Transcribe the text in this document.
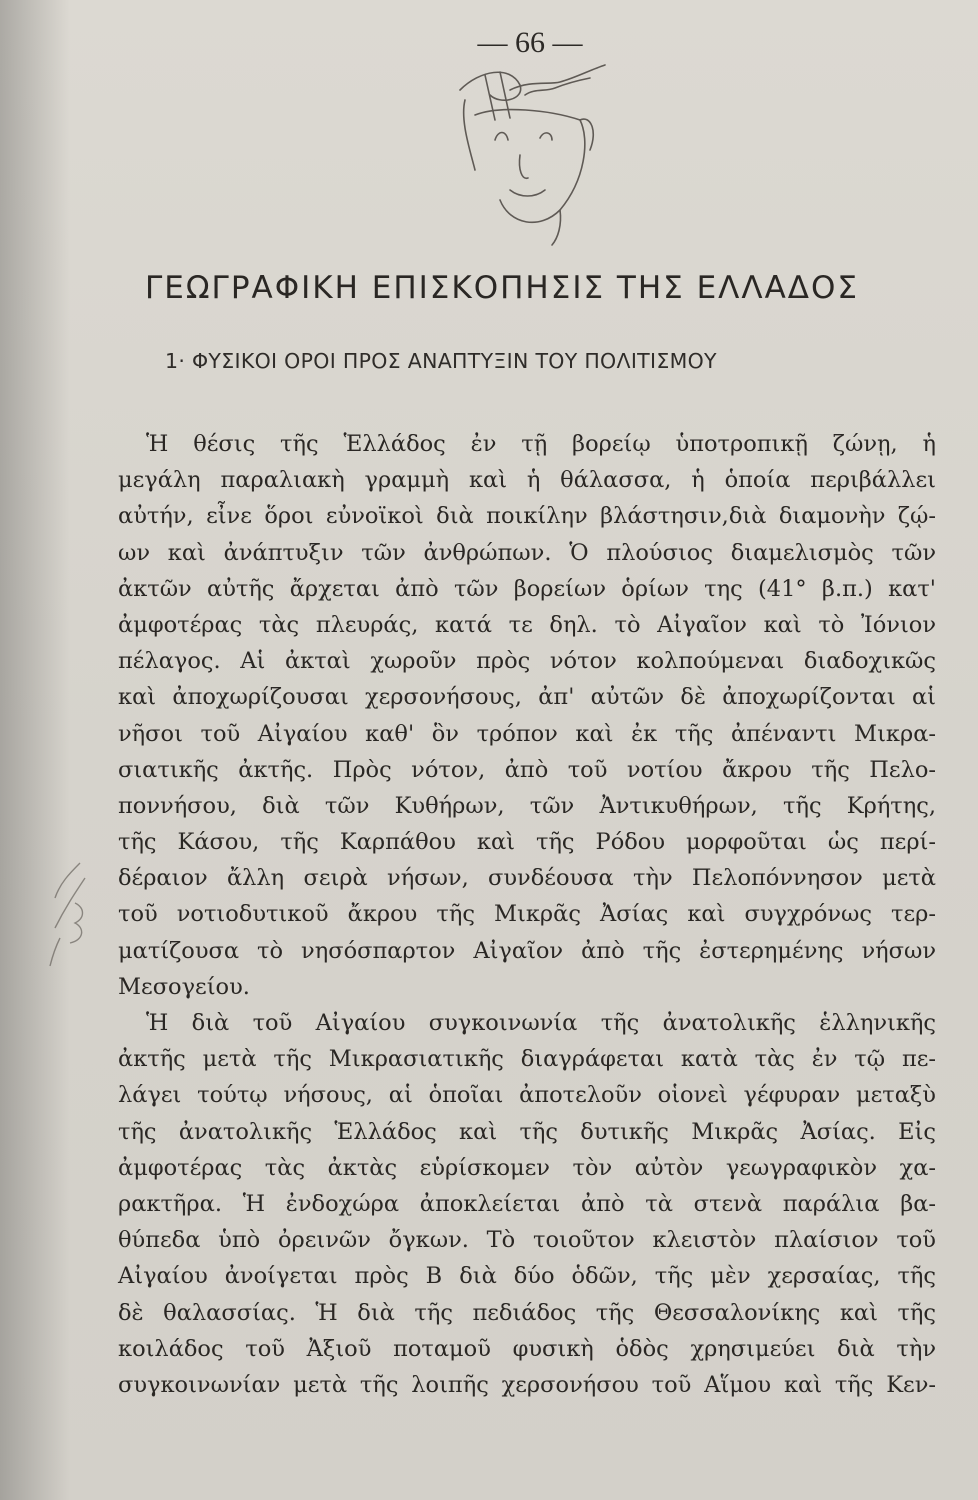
— 66 —
ΓΕΩΓΡΑΦΙΚΗ ΕΠΙΣΚΟΠΗΣΙΣ ΤΗΣ ΕΛΛΑΔΟΣ
1· ΦΥΣΙΚΟΙ ΟΡΟΙ ΠΡΟΣ ΑΝΑΠΤΥΞΙΝ ΤΟΥ ΠΟΛΙΤΙΣΜΟΥ
Ἡ θέσις τῆς Ἑλλάδος ἐν τῇ βορείῳ ὑποτροπικῇ ζώνῃ, ἡ
μεγάλη παραλιακὴ γραμμὴ καὶ ἡ θάλασσα, ἡ ὁποία περιβάλλει
αὐτήν, εἶνε ὅροι εὐνοϊκοὶ διὰ ποικίλην βλάστησιν,διὰ διαμονὴν ζῴ-
ων καὶ ἀνάπτυξιν τῶν ἀνθρώπων. Ὁ πλούσιος διαμελισμὸς τῶν
ἀκτῶν αὐτῆς ἄρχεται ἀπὸ τῶν βορείων ὁρίων της (41° β.π.) κατ'
ἀμφοτέρας τὰς πλευράς, κατά τε δηλ. τὸ Αἰγαῖον καὶ τὸ Ἰόνιον
πέλαγος. Αἱ ἀκταὶ χωροῦν πρὸς νότον κολπούμεναι διαδοχικῶς
καὶ ἀποχωρίζουσαι χερσονήσους, ἀπ' αὐτῶν δὲ ἀποχωρίζονται αἱ
νῆσοι τοῦ Αἰγαίου καθ' ὃν τρόπον καὶ ἐκ τῆς ἀπέναντι Μικρα-
σιατικῆς ἀκτῆς. Πρὸς νότον, ἀπὸ τοῦ νοτίου ἄκρου τῆς Πελο-
ποννήσου, διὰ τῶν Κυθήρων, τῶν Ἀντικυθήρων, τῆς Κρήτης,
τῆς Κάσου, τῆς Καρπάθου καὶ τῆς Ρόδου μορφοῦται ὡς περί-
δέραιον ἄλλη σειρὰ νήσων, συνδέουσα τὴν Πελοπόννησον μετὰ
τοῦ νοτιοδυτικοῦ ἄκρου τῆς Μικρᾶς Ἀσίας καὶ συγχρόνως τερ-
ματίζουσα τὸ νησόσπαρτον Αἰγαῖον ἀπὸ τῆς ἐστερημένης νήσων
Μεσογείου.
Ἡ διὰ τοῦ Αἰγαίου συγκοινωνία τῆς ἀνατολικῆς ἑλληνικῆς
ἀκτῆς μετὰ τῆς Μικρασιατικῆς διαγράφεται κατὰ τὰς ἐν τῷ πε-
λάγει τούτῳ νήσους, αἱ ὁποῖαι ἀποτελοῦν οἱονεὶ γέφυραν μεταξὺ
τῆς ἀνατολικῆς Ἑλλάδος καὶ τῆς δυτικῆς Μικρᾶς Ἀσίας. Εἰς
ἀμφοτέρας τὰς ἀκτὰς εὑρίσκομεν τὸν αὐτὸν γεωγραφικὸν χα-
ρακτῆρα. Ἡ ἐνδοχώρα ἀποκλείεται ἀπὸ τὰ στενὰ παράλια βα-
θύπεδα ὑπὸ ὀρεινῶν ὄγκων. Τὸ τοιοῦτον κλειστὸν πλαίσιον τοῦ
Αἰγαίου ἀνοίγεται πρὸς Β διὰ δύο ὁδῶν, τῆς μὲν χερσαίας, τῆς
δὲ θαλασσίας. Ἡ διὰ τῆς πεδιάδος τῆς Θεσσαλονίκης καὶ τῆς
κοιλάδος τοῦ Ἀξιοῦ ποταμοῦ φυσικὴ ὁδὸς χρησιμεύει διὰ τὴν
συγκοινωνίαν μετὰ τῆς λοιπῆς χερσονήσου τοῦ Αἵμου καὶ τῆς Κεν-
